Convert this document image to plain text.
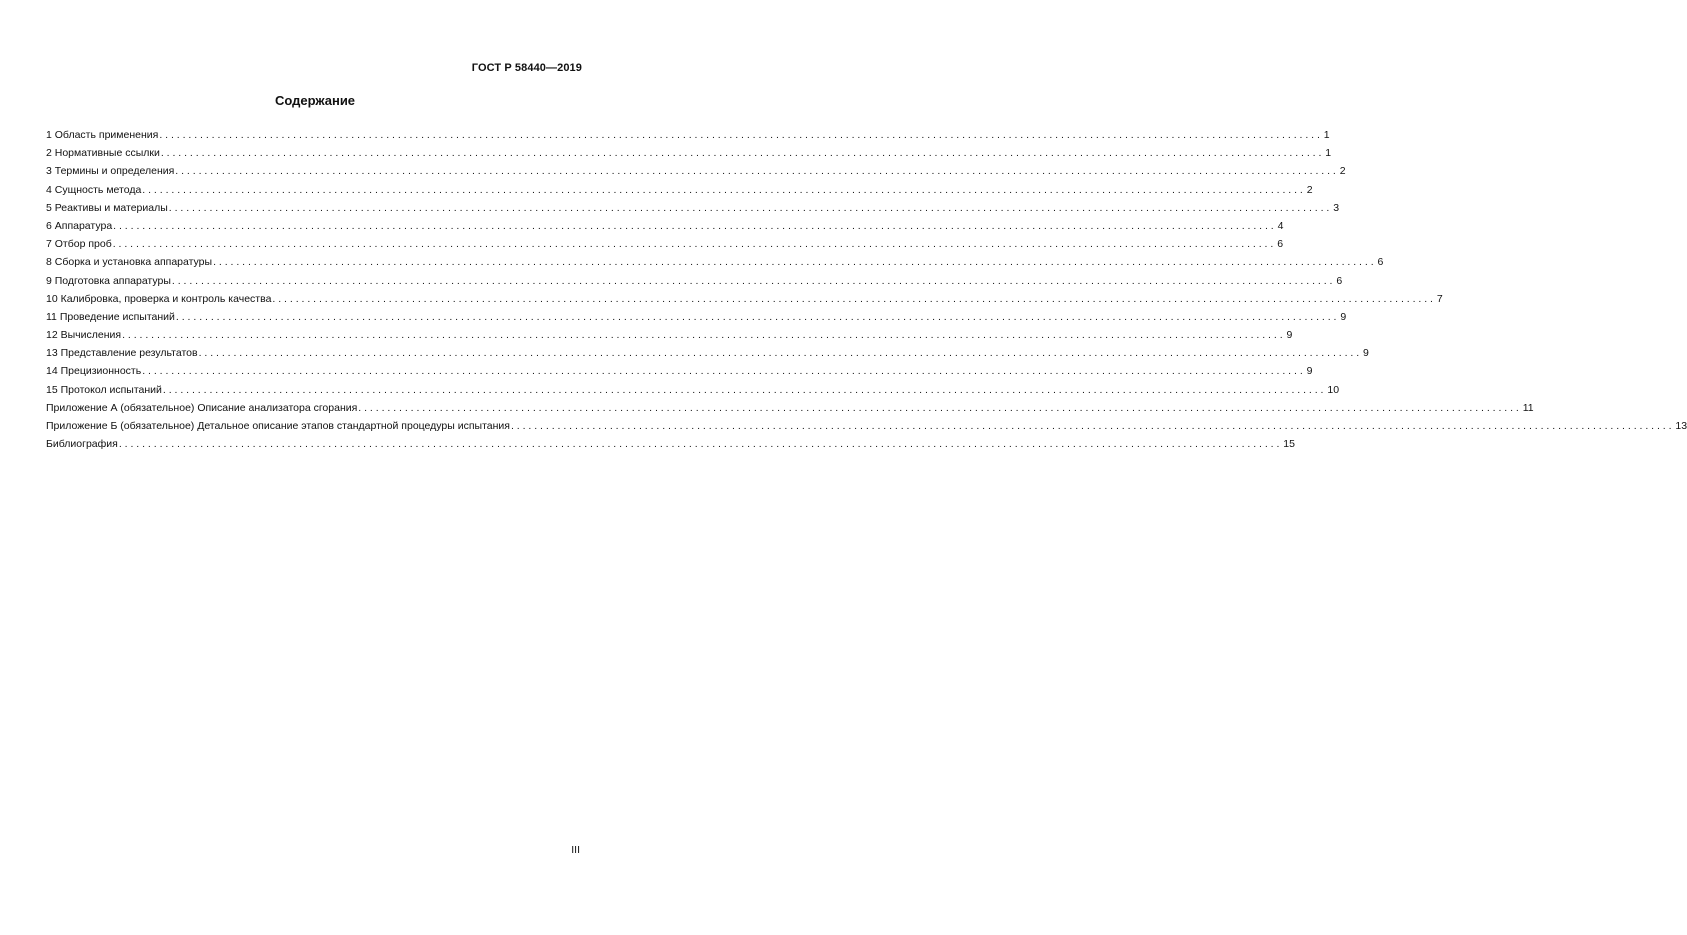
ГОСТ Р 58440—2019
Содержание
1 Область применения ........................................................................................................................................................................................................ 1
2 Нормативные ссылки ........................................................................................................................................................................................................ 1
3 Термины и определения ........................................................................................................................................................................................................ 2
4 Сущность метода ........................................................................................................................................................................................................ 2
5 Реактивы и материалы ........................................................................................................................................................................................................ 3
6 Аппаратура ........................................................................................................................................................................................................ 4
7 Отбор проб ........................................................................................................................................................................................................ 6
8 Сборка и установка аппаратуры ........................................................................................................................................................................................................ 6
9 Подготовка аппаратуры ........................................................................................................................................................................................................ 6
10 Калибровка, проверка и контроль качества ........................................................................................................................................................................................................ 7
11 Проведение испытаний ........................................................................................................................................................................................................ 9
12 Вычисления ........................................................................................................................................................................................................ 9
13 Представление результатов ........................................................................................................................................................................................................ 9
14 Прецизионность ........................................................................................................................................................................................................ 9
15 Протокол испытаний ........................................................................................................................................................................................................ 10
Приложение А (обязательное) Описание анализатора сгорания ........................................................................................................................................................................................................ 11
Приложение Б (обязательное) Детальное описание этапов стандартной процедуры испытания ........................................................................................................................................................................................................ 13
Библиография ........................................................................................................................................................................................................ 15
III
